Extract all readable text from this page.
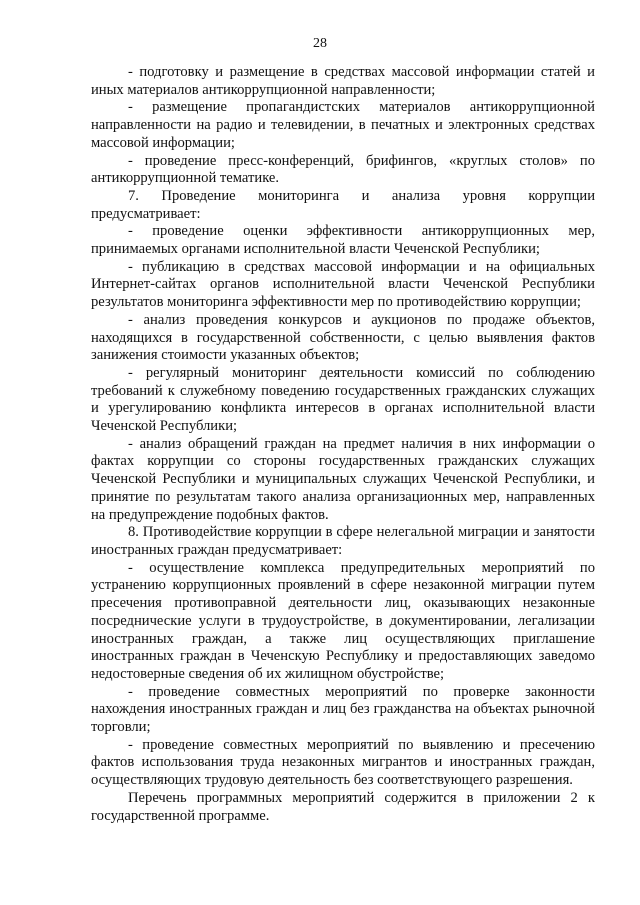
28

- подготовку и размещение в средствах массовой информации статей и иных материалов антикоррупционной направленности;

- размещение пропагандистских материалов антикоррупционной направленности на радио и телевидении, в печатных и электронных средствах массовой информации;

- проведение пресс-конференций, брифингов, «круглых столов» по антикоррупционной тематике.

7. Проведение мониторинга и анализа уровня коррупции предусматривает:

- проведение оценки эффективности антикоррупционных мер, принимаемых органами исполнительной власти Чеченской Республики;

- публикацию в средствах массовой информации и на официальных Интернет-сайтах органов исполнительной власти Чеченской Республики результатов мониторинга эффективности мер по противодействию коррупции;

- анализ проведения конкурсов и аукционов по продаже объектов, находящихся в государственной собственности, с целью выявления фактов занижения стоимости указанных объектов;

- регулярный мониторинг деятельности комиссий по соблюдению требований к служебному поведению государственных гражданских служащих и урегулированию конфликта интересов в органах исполнительной власти Чеченской Республики;

- анализ обращений граждан на предмет наличия в них информации о фактах коррупции со стороны государственных гражданских служащих Чеченской Республики и муниципальных служащих Чеченской Республики, и принятие по результатам такого анализа организационных мер, направленных на предупреждение подобных фактов.

8. Противодействие коррупции в сфере нелегальной миграции и занятости иностранных граждан предусматривает:

- осуществление комплекса предупредительных мероприятий по устранению коррупционных проявлений в сфере незаконной миграции путем пресечения противоправной деятельности лиц, оказывающих незаконные посреднические услуги в трудоустройстве, в документировании, легализации иностранных граждан, а также лиц осуществляющих приглашение иностранных граждан в Чеченскую Республику и предоставляющих заведомо недостоверные сведения об их жилищном обустройстве;

- проведение совместных мероприятий по проверке законности нахождения иностранных граждан и лиц без гражданства на объектах рыночной торговли;

- проведение совместных мероприятий по выявлению и пресечению фактов использования труда незаконных мигрантов и иностранных граждан, осуществляющих трудовую деятельность без соответствующего разрешения.

Перечень программных мероприятий содержится в приложении 2 к государственной программе.
